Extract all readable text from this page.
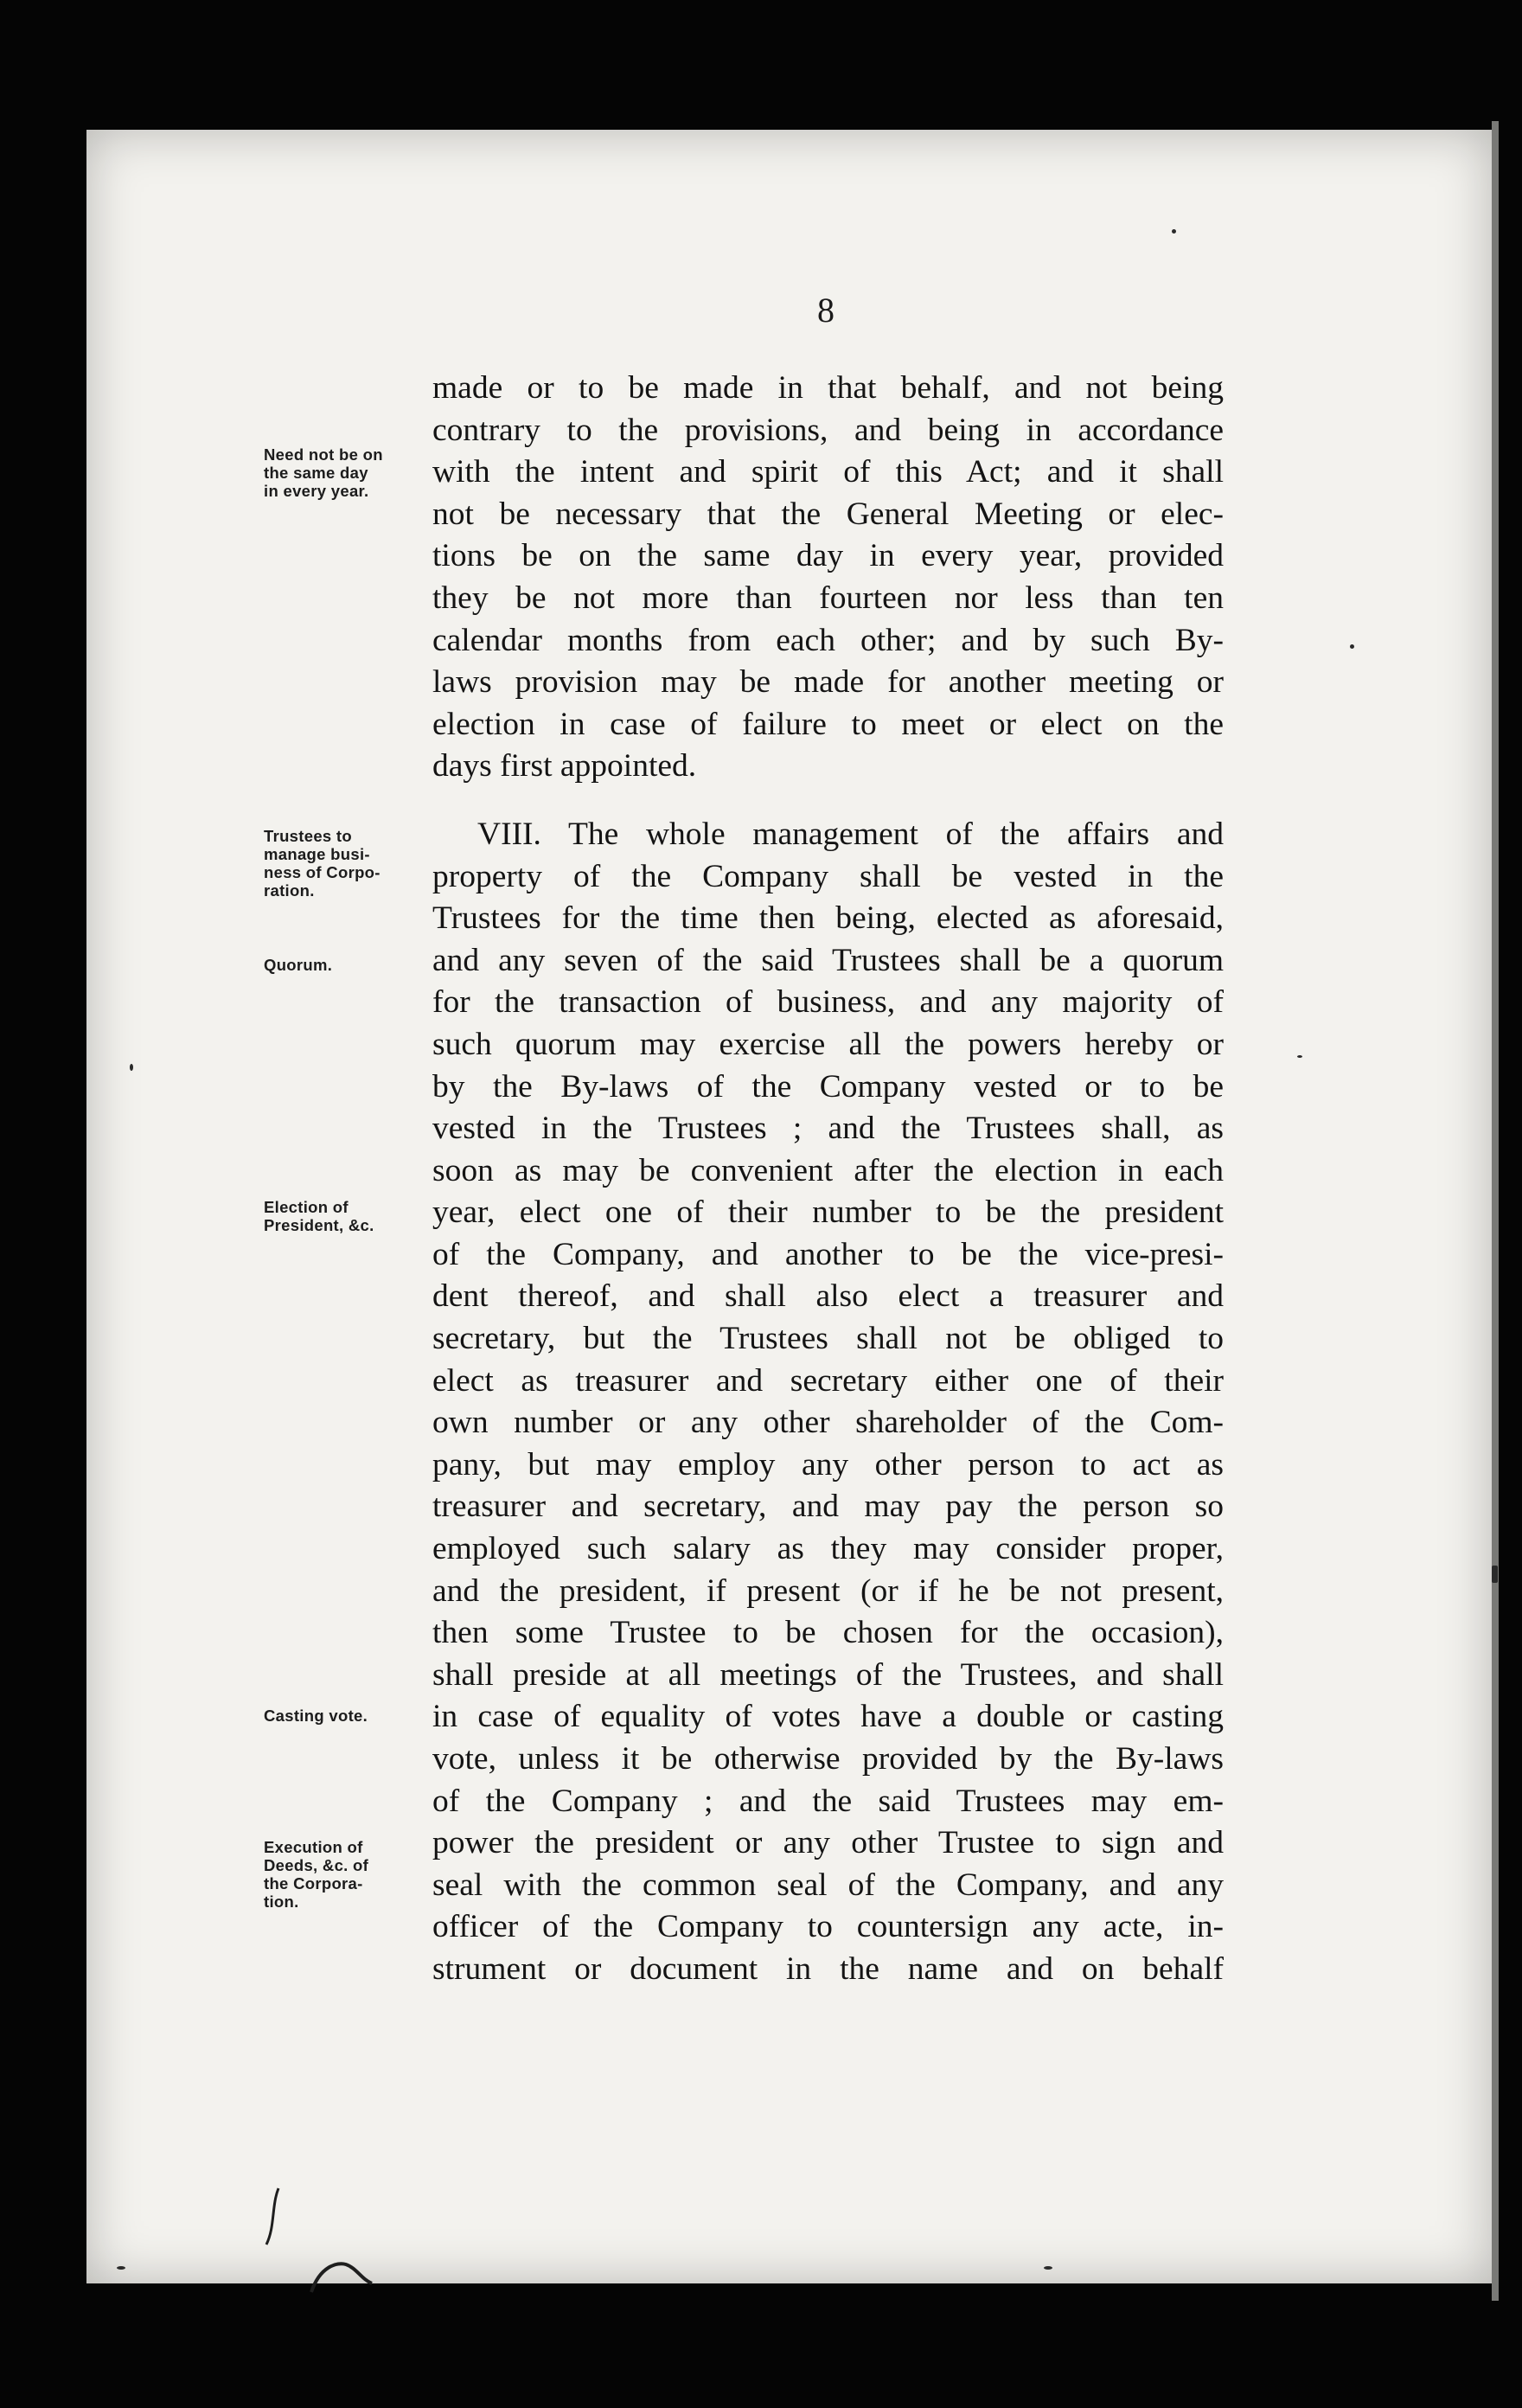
8
Need not be on
the same day
in every year.
Trustees to
manage busi-
ness of Corpo-
ration.
Quorum.
Election of
President, &c.
Casting vote.
Execution of
Deeds, &c. of
the Corpora-
tion.
made or to be made in that behalf, and not being
contrary to the provisions, and being in accordance
with the intent and spirit of this Act; and it shall
not be necessary that the General Meeting or elec-
tions be on the same day in every year, provided
they be not more than fourteen nor less than ten
calendar months from each other; and by such By-
laws provision may be made for another meeting or
election in case of failure to meet or elect on the
days first appointed.
VIII. The whole management of the affairs and
property of the Company shall be vested in the
Trustees for the time then being, elected as aforesaid,
and any seven of the said Trustees shall be a quorum
for the transaction of business, and any majority of
such quorum may exercise all the powers hereby or
by the By-laws of the Company vested or to be
vested in the Trustees ; and the Trustees shall, as
soon as may be convenient after the election in each
year, elect one of their number to be the president
of the Company, and another to be the vice-presi-
dent thereof, and shall also elect a treasurer and
secretary, but the Trustees shall not be obliged to
elect as treasurer and secretary either one of their
own number or any other shareholder of the Com-
pany, but may employ any other person to act as
treasurer and secretary, and may pay the person so
employed such salary as they may consider proper,
and the president, if present (or if he be not present,
then some Trustee to be chosen for the occasion),
shall preside at all meetings of the Trustees, and shall
in case of equality of votes have a double or casting
vote, unless it be otherwise provided by the By-laws
of the Company ; and the said Trustees may em-
power the president or any other Trustee to sign and
seal with the common seal of the Company, and any
officer of the Company to countersign any acte, in-
strument or document in the name and on behalf
